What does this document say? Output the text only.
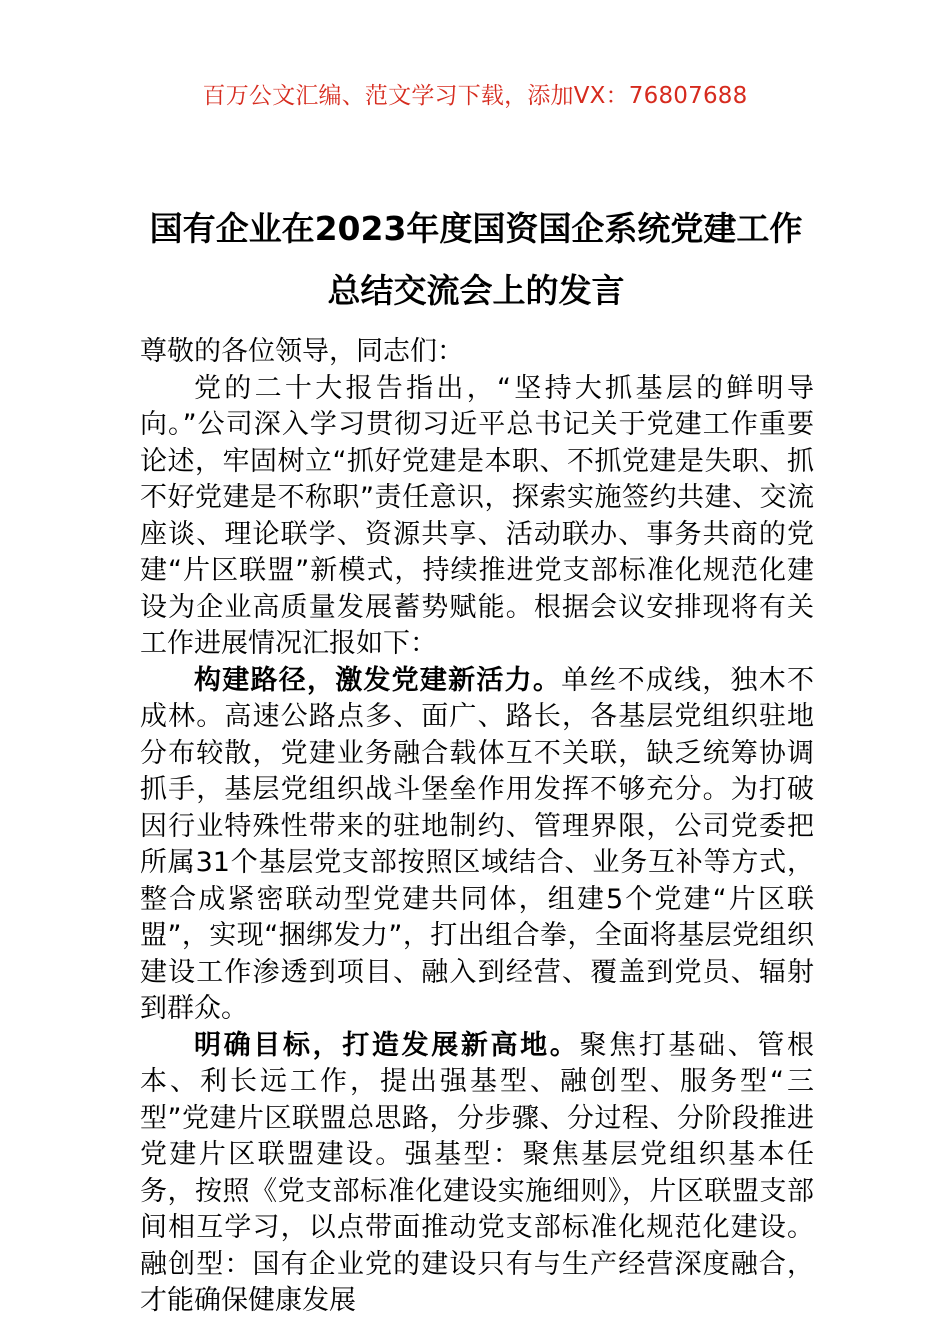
百万公文汇编、范文学习下载，添加VX：76807688
国有企业在2023年度国资国企系统党建工作总结交流会上的发言

尊敬的各位领导，同志们：

党的二十大报告指出，“坚持大抓基层的鲜明导向。”公司深入学习贯彻习近平总书记关于党建工作重要论述，牢固树立“抓好党建是本职、不抓党建是失职、抓不好党建是不称职”责任意识，探索实施签约共建、交流座谈、理论联学、资源共享、活动联办、事务共商的党建“片区联盟”新模式，持续推进党支部标准化规范化建设为企业高质量发展蓄势赋能。根据会议安排现将有关工作进展情况汇报如下：

构建路径，激发党建新活力。单丝不成线，独木不成林。高速公路点多、面广、路长，各基层党组织驻地分布较散，党建业务融合载体互不关联，缺乏统筹协调抓手，基层党组织战斗堡垒作用发挥不够充分。为打破因行业特殊性带来的驻地制约、管理界限，公司党委把所属31个基层党支部按照区域结合、业务互补等方式，整合成紧密联动型党建共同体，组建5个党建“片区联盟”，实现“捆绑发力”，打出组合拳，全面将基层党组织建设工作渗透到项目、融入到经营、覆盖到党员、辐射到群众。

明确目标，打造发展新高地。聚焦打基础、管根本、利长远工作，提出强基型、融创型、服务型“三型”党建片区联盟总思路，分步骤、分过程、分阶段推进党建片区联盟建设。强基型：聚焦基层党组织基本任务，按照《党支部标准化建设实施细则》，片区联盟支部间相互学习，以点带面推动党支部标准化规范化建设。融创型：国有企业党的建设只有与生产经营深度融合，才能确保健康发展
